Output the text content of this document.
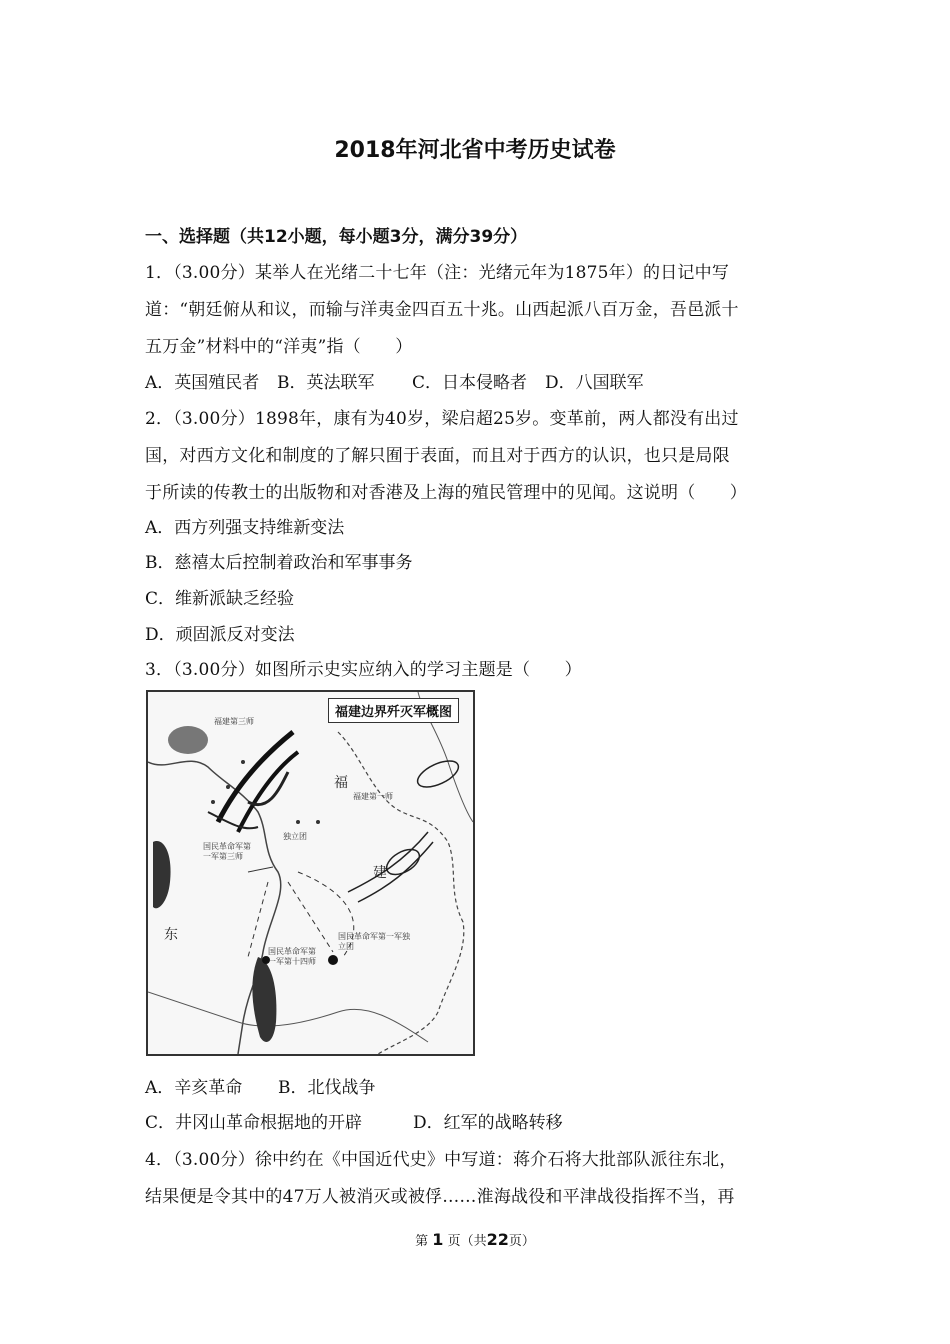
2018年河北省中考历史试卷
一、选择题（共12小题，每小题3分，满分39分）
1．（3.00分）某举人在光绪二十七年（注：光绪元年为1875年）的日记中写
道：“朝廷俯从和议，而输与洋夷金四百五十兆。山西起派八百万金，吾邑派十
五万金”材料中的“洋夷”指（　　）
A．英国殖民者 B．英法联军 C．日本侵略者 D．八国联军
2．（3.00分）1898年，康有为40岁，梁启超25岁。变革前，两人都没有出过
国，对西方文化和制度的了解只囿于表面，而且对于西方的认识，也只是局限
于所读的传教士的出版物和对香港及上海的殖民管理中的见闻。这说明（　　）
A．西方列强支持维新变法
B．慈禧太后控制着政治和军事事务
C．维新派缺乏经验
D．顽固派反对变法
3．（3.00分）如图所示史实应纳入的学习主题是（　　）
福建边界歼灭军概图
福
建
东
福建第三师
福建第一师
国民革命军第一军第三师
独立团
国民革命军第一军独立团
国民革命军第一军第十四师
A．辛亥革命 B．北伐战争
C．井冈山革命根据地的开辟	D．红军的战略转移
4．（3.00分）徐中约在《中国近代史》中写道：蒋介石将大批部队派往东北，
结果便是令其中的47万人被消灭或被俘……淮海战役和平津战役指挥不当，再
第 1 页（共22页）
